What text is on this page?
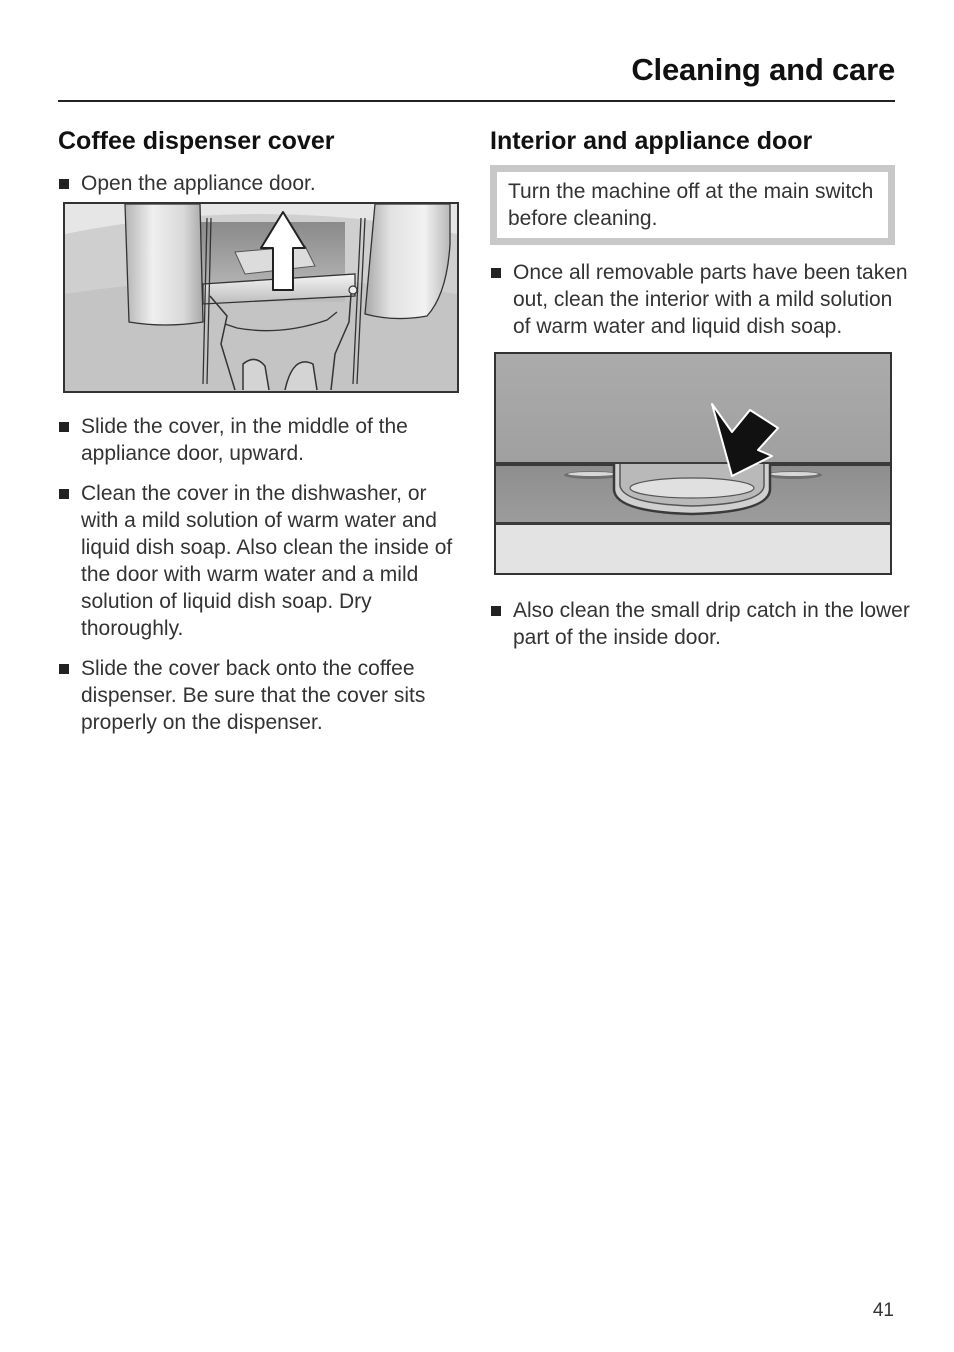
Cleaning and care
Coffee dispenser cover
Open the appliance door.
Slide the cover, in the middle of the appliance door, upward.
Clean the cover in the dishwasher, or with a mild solution of warm water and liquid dish soap. Also clean the inside of the door with warm water and a mild solution of liquid dish soap. Dry thoroughly.
Slide the cover back onto the coffee dispenser. Be sure that the cover sits properly on the dispenser.
Interior and appliance door
Turn the machine off at the main switch before cleaning.
Once all removable parts have been taken out, clean the interior with a mild solution of warm water and liquid dish soap.
Also clean the small drip catch in the lower part of the inside door.
41
